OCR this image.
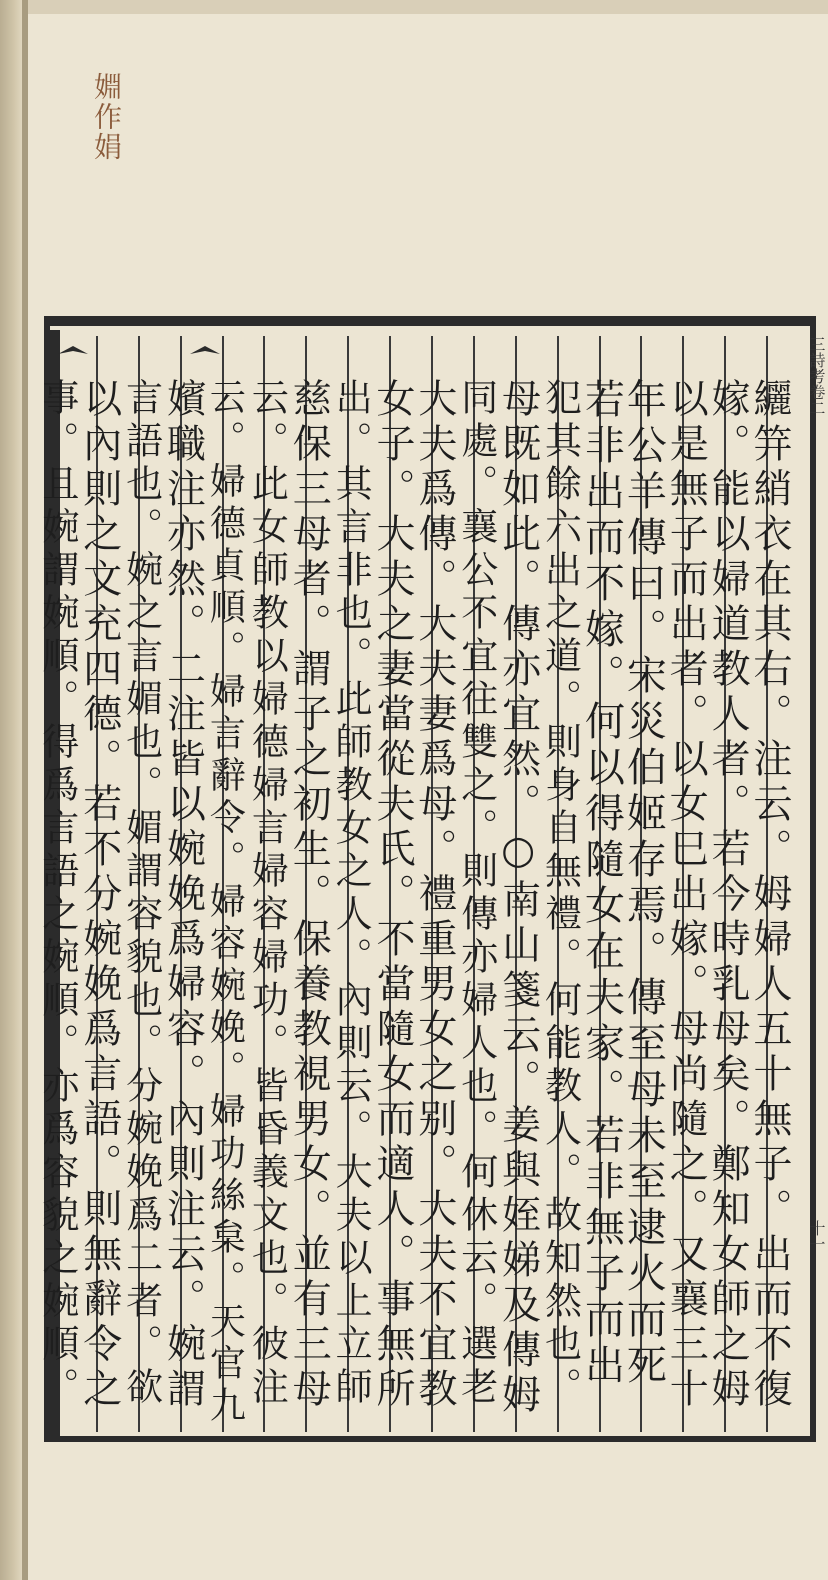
婣作娟
纚笄綃衣在其右。注云。姆婦人五十無子。出而不復
嫁。能以婦道教人者。若今時乳母矣。鄭知女師之姆
以是無子而出者。以女巳出嫁。母尚隨之。又襄三十
年公羊傳曰。宋災伯姬存焉。傳至母未至逮火而死
若非出而不嫁。何以得隨女在夫家。若非無子而出
犯其餘六出之道。則身自無禮。何能教人。故知然也。
母既如此。傳亦宜然。○南山箋云。姜與姪娣及傳姆
同處。襄公不宜往雙之。則傳亦婦人也。何休云。選老
大夫爲傳。大夫妻爲母。禮重男女之别。大夫不宜教
女子。大夫之妻當從夫氏。不當隨女而適人。事無所
出。其言非也。此師教女之人。內則云。大夫以上立師
慈保三母者。謂子之初生。保養教視男女。並有三母
云。此女師教以婦德婦言婦容婦功。皆昏義文也。彼注
云。婦德貞順。婦言辭令。婦容婉娩。婦功絲枲。天官九
嬪職注亦然。二注皆以婉娩爲婦容。內則注云。婉謂
言語也。婉之言媚也。媚謂容貌也。分婉娩爲二者。欲
以內則之文充四德。若不分婉娩爲言語。則無辭令之
事。且婉謂婉順。得爲言語之婉順。亦爲容貌之婉順。
三詩考卷二
十一
